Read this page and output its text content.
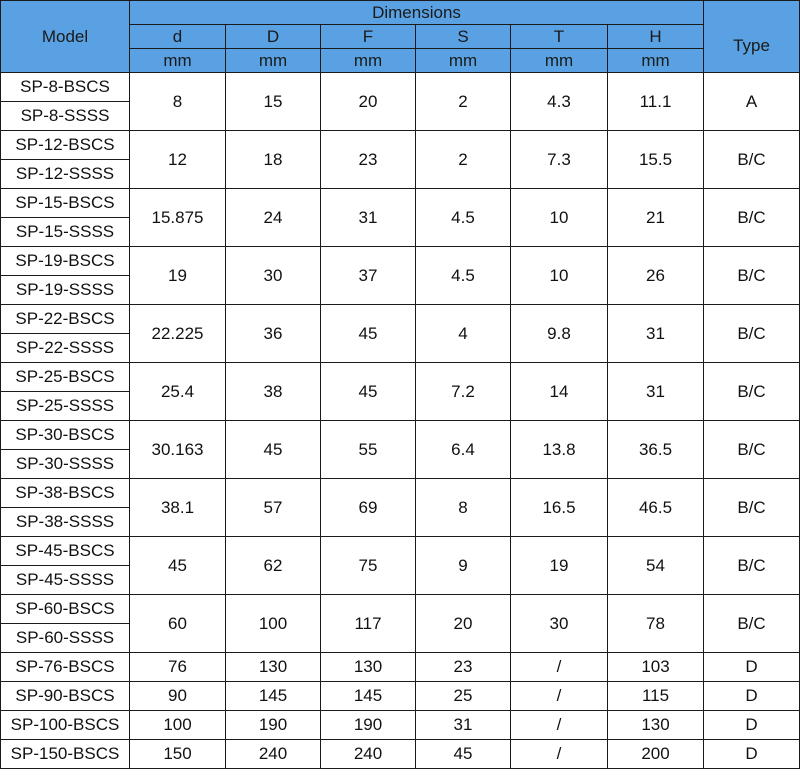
Model	Dimensions						Type
	d	D	F	S	T	H	
	mm	mm	mm	mm	mm	mm	
SP-8-BSCS	8	15	20	2	4.3	11.1	A
SP-8-SSSS							
SP-12-BSCS	12	18	23	2	7.3	15.5	B/C
SP-12-SSSS							
SP-15-BSCS	15.875	24	31	4.5	10	21	B/C
SP-15-SSSS							
SP-19-BSCS	19	30	37	4.5	10	26	B/C
SP-19-SSSS							
SP-22-BSCS	22.225	36	45	4	9.8	31	B/C
SP-22-SSSS							
SP-25-BSCS	25.4	38	45	7.2	14	31	B/C
SP-25-SSSS							
SP-30-BSCS	30.163	45	55	6.4	13.8	36.5	B/C
SP-30-SSSS							
SP-38-BSCS	38.1	57	69	8	16.5	46.5	B/C
SP-38-SSSS							
SP-45-BSCS	45	62	75	9	19	54	B/C
SP-45-SSSS							
SP-60-BSCS	60	100	117	20	30	78	B/C
SP-60-SSSS							
SP-76-BSCS	76	130	130	23	/	103	D
SP-90-BSCS	90	145	145	25	/	115	D
SP-100-BSCS	100	190	190	31	/	130	D
SP-150-BSCS	150	240	240	45	/	200	D
